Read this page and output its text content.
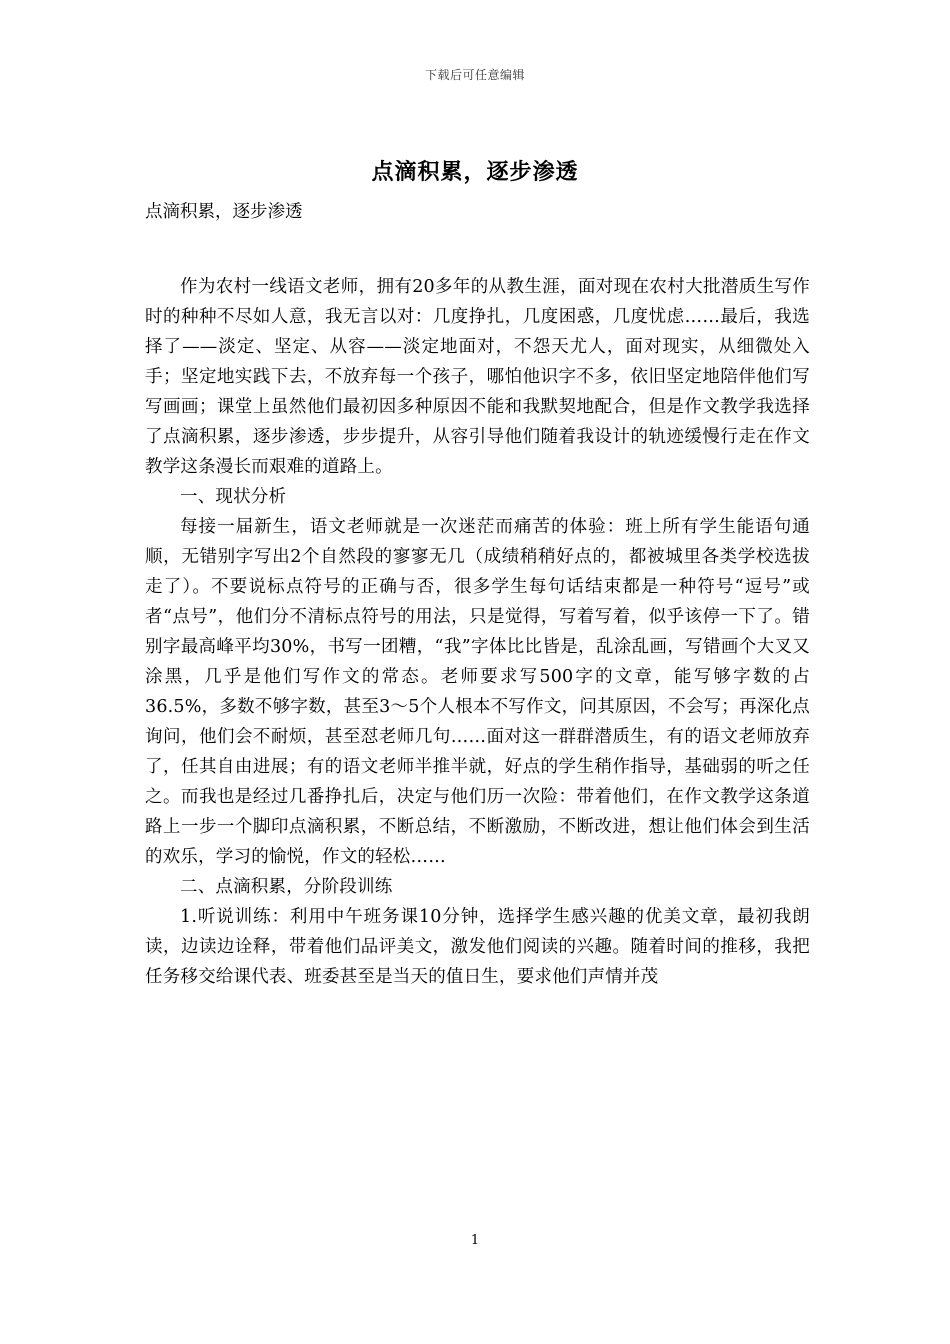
下载后可任意编辑
点滴积累，逐步渗透
点滴积累，逐步渗透

作为农村一线语文老师，拥有20多年的从教生涯，面对现在农村大批潜质生写作时的种种不尽如人意，我无言以对：几度挣扎，几度困惑，几度忧虑……最后，我选择了——淡定、坚定、从容——淡定地面对，不怨天尤人，面对现实，从细微处入手；坚定地实践下去，不放弃每一个孩子，哪怕他识字不多，依旧坚定地陪伴他们写写画画；课堂上虽然他们最初因多种原因不能和我默契地配合，但是作文教学我选择了点滴积累，逐步渗透，步步提升，从容引导他们随着我设计的轨迹缓慢行走在作文教学这条漫长而艰难的道路上。

一、现状分析

每接一届新生，语文老师就是一次迷茫而痛苦的体验：班上所有学生能语句通顺，无错别字写出2个自然段的寥寥无几（成绩稍稍好点的，都被城里各类学校选拔走了）。不要说标点符号的正确与否，很多学生每句话结束都是一种符号“逗号”或者“点号”，他们分不清标点符号的用法，只是觉得，写着写着，似乎该停一下了。错别字最高峰平均30%，书写一团糟，“我”字体比比皆是，乱涂乱画，写错画个大叉又涂黑，几乎是他们写作文的常态。老师要求写500字的文章，能写够字数的占36.5%，多数不够字数，甚至3～5个人根本不写作文，问其原因，不会写；再深化点询问，他们会不耐烦，甚至怼老师几句……面对这一群群潜质生，有的语文老师放弃了，任其自由进展；有的语文老师半推半就，好点的学生稍作指导，基础弱的听之任之。而我也是经过几番挣扎后，决定与他们历一次险：带着他们，在作文教学这条道路上一步一个脚印点滴积累，不断总结，不断激励，不断改进，想让他们体会到生活的欢乐，学习的愉悦，作文的轻松……

二、点滴积累，分阶段训练

1.听说训练：利用中午班务课10分钟，选择学生感兴趣的优美文章，最初我朗读，边读边诠释，带着他们品评美文，激发他们阅读的兴趣。随着时间的推移，我把任务移交给课代表、班委甚至是当天的值日生，要求他们声情并茂

1
